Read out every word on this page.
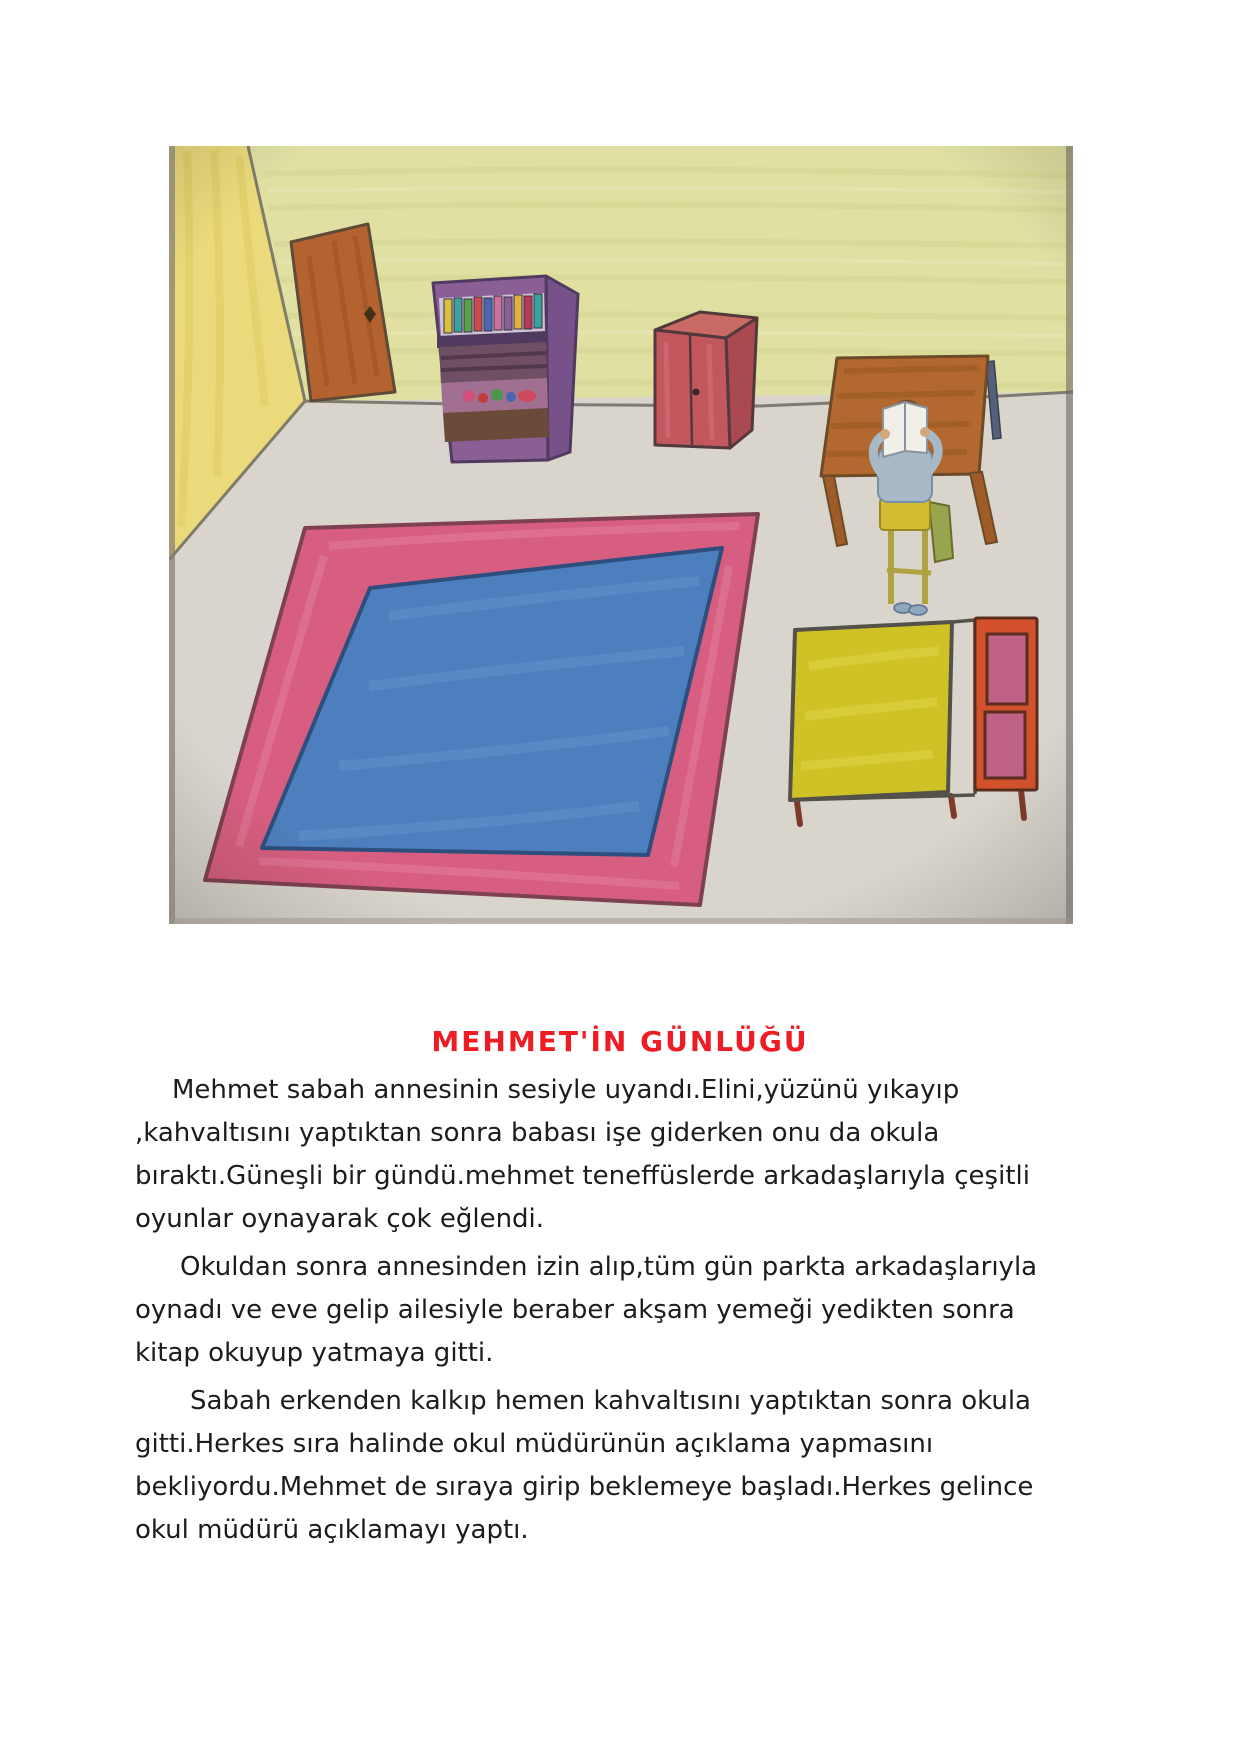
MEHMET'İN GÜNLÜĞÜ
Mehmet sabah annesinin sesiyle uyandı.Elini,yüzünü yıkayıp
,kahvaltısını yaptıktan sonra babası işe giderken onu da okula
bıraktı.Güneşli bir gündü.mehmet teneffüslerde arkadaşlarıyla çeşitli
oyunlar oynayarak çok eğlendi.
Okuldan sonra annesinden izin alıp,tüm gün parkta arkadaşlarıyla
oynadı ve eve gelip ailesiyle beraber akşam yemeği yedikten sonra
kitap okuyup yatmaya gitti.
Sabah erkenden kalkıp hemen kahvaltısını yaptıktan sonra okula
gitti.Herkes sıra halinde okul müdürünün açıklama yapmasını
bekliyordu.Mehmet de sıraya girip beklemeye başladı.Herkes gelince
okul müdürü açıklamayı yaptı.
